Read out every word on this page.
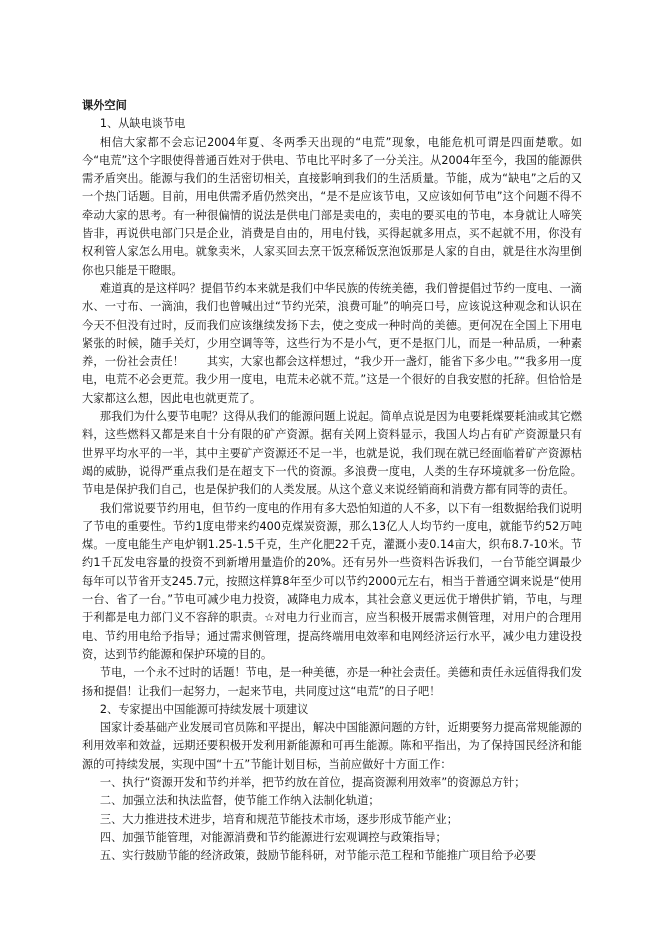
课外空间

1、从缺电谈节电

相信大家都不会忘记2004年夏、冬两季天出现的“电荒”现象，电能危机可谓是四面楚歌。如今“电荒”这个字眼使得普通百姓对于供电、节电比平时多了一分关注。从2004年至今，我国的能源供需矛盾突出。能源与我们的生活密切相关，直接影响到我们的生活质量。节能，成为“缺电”之后的又一个热门话题。目前，用电供需矛盾仍然突出，“是不是应该节电，又应该如何节电”这个问题不得不牵动大家的思考。有一种很偏情的说法是供电门部是卖电的，卖电的要买电的节电，本身就让人啼笑皆非，再说供电部门只是企业，消费是自由的，用电付钱，买得起就多用点，买不起就不用，你没有权利管人家怎么用电。就象卖米，人家买回去烹干饭烹稀饭烹泡饭那是人家的自由，就是往水沟里倒你也只能是干瞪眼。

难道真的是这样吗？提倡节约本来就是我们中华民族的传统美德，我们曾提倡过节约一度电、一滴水、一寸布、一滴油，我们也曾喊出过“节约光荣，浪费可耻”的响亮口号，应该说这种观念和认识在今天不但没有过时，反而我们应该继续发扬下去，使之变成一种时尚的美德。更何况在全国上下用电紧张的时候，随手关灯，少用空调等等，这些行为不是小气，更不是抠门儿，而是一种品质，一种素养，一份社会责任！　　其实，大家也都会这样想过，“我少开一盏灯，能省下多少电。”“我多用一度电，电荒不必会更荒。我少用一度电，电荒未必就不荒。”这是一个很好的自我安慰的托辞。但恰恰是大家都这么想，因此电也就更荒了。

那我们为什么要节电呢？这得从我们的能源问题上说起。简单点说是因为电要耗煤要耗油或其它燃料，这些燃料又都是来自十分有限的矿产资源。据有关网上资料显示，我国人均占有矿产资源量只有世界平均水平的一半，其中主要矿产资源还不足一半，也就是说，我们现在就已经面临着矿产资源枯竭的威胁，说得严重点我们是在超支下一代的资源。多浪费一度电，人类的生存环境就多一份危险。节电是保护我们自己，也是保护我们的人类发展。从这个意义来说经销商和消费方都有同等的责任。

我们常说要节约用电，但节约一度电的作用有多大恐怕知道的人不多，以下有一组数据给我们说明了节电的重要性。节约1度电带来约400克煤炭资源，那么13亿人人均节约一度电，就能节约52万吨煤。一度电能生产电炉钢1.25-1.5千克，生产化肥22千克，灌溉小麦0.14亩大，织布8.7-10米。节约1千瓦发电容量的投资不到新增用量造价的20%。还有另外一些资料告诉我们，一台节能空调最少每年可以节省开支245.7元，按照这样算8年至少可以节约2000元左右，相当于普通空调来说是“使用一台、省了一台。”节电可减少电力投资，减降电力成本，其社会意义更远优于增供扩销，节电，与理于利都是电力部门义不容辞的职责。☆对电力行业而言，应当积极开展需求侧管理，对用户的合理用电、节约用电给予指导；通过需求侧管理，提高终端用电效率和电网经济运行水平，减少电力建设投资，达到节约能源和保护环境的目的。

节电，一个永不过时的话题！节电，是一种美德，亦是一种社会责任。美德和责任永远值得我们发扬和提倡！让我们一起努力，一起来节电，共同度过这“电荒”的日子吧！

2、专家提出中国能源可持续发展十项建议

国家计委基础产业发展司官员陈和平提出，解决中国能源问题的方针，近期要努力提高常规能源的利用效率和效益，远期还要积极开发利用新能源和可再生能源。陈和平指出，为了保持国民经济和能源的可持续发展，实现中国“十五”节能计划目标，当前应做好十方面工作：

一、执行“资源开发和节约并举，把节约放在首位，提高资源利用效率”的资源总方针；

二、加强立法和执法监督，使节能工作纳入法制化轨道；

三、大力推进技术进步，培育和规范节能技术市场，逐步形成节能产业；

四、加强节能管理，对能源消费和节约能源进行宏观调控与政策指导；

五、实行鼓励节能的经济政策，鼓励节能科研，对节能示范工程和节能推广项目给予必要
